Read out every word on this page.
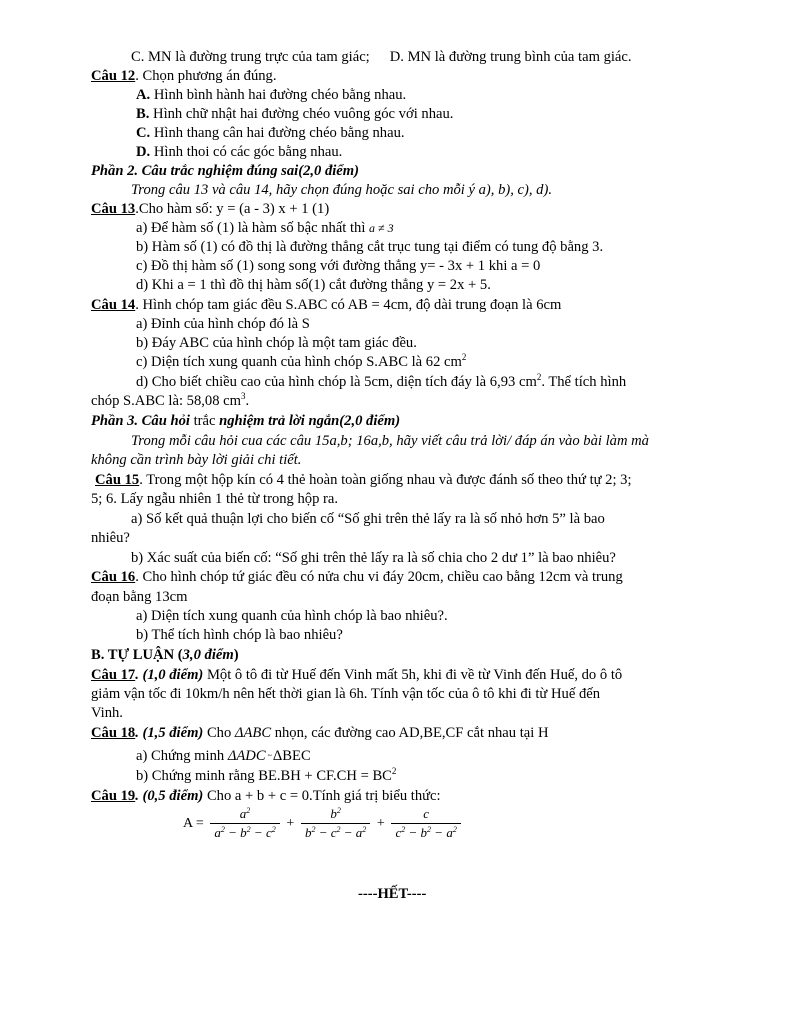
C. MN là đường trung trực của tam giác; D. MN là đường trung bình của tam giác.
Câu 12. Chọn phương án đúng.
A. Hình bình hành hai đường chéo bằng nhau.
B. Hình chữ nhật hai đường chéo vuông góc với nhau.
C. Hình thang cân hai đường chéo bằng nhau.
D. Hình thoi có các góc bằng nhau.
Phần 2. Câu trắc nghiệm đúng sai(2,0 điểm)
Trong câu 13 và câu 14, hãy chọn đúng hoặc sai cho mỗi ý a), b), c), d).
Câu 13.Cho hàm số: y = (a - 3) x + 1 (1)
a) Để hàm số (1) là hàm số bậc nhất thì a ≠ 3
b) Hàm số (1) có đồ thị là đường thẳng cắt trục tung tại điểm có tung độ bằng 3.
c) Đồ thị hàm số (1) song song với đường thẳng y= - 3x + 1 khi a = 0
d) Khi a = 1 thì đồ thị hàm số(1) cắt đường thẳng y = 2x + 5.
Câu 14. Hình chóp tam giác đều S.ABC có AB = 4cm, độ dài trung đoạn là 6cm
a) Đỉnh của hình chóp đó là S
b) Đáy ABC của hình chóp là một tam giác đều.
c) Diện tích xung quanh của hình chóp S.ABC là 62 $cm^2$
d) Cho biết chiều cao của hình chóp là 5cm, diện tích đáy là 6,93 $cm^2$. Thể tích hình
chóp S.ABC là: 58,08 $cm^3$.
Phần 3. Câu hỏi trắc nghiệm trả lời ngắn(2,0 điểm)
Trong mỗi câu hỏi cua các câu 15a,b; 16a,b, hãy viết câu trả lời/ đáp án vào bài làm mà
không cần trình bày lời giải chi tiết.
Câu 15. Trong một hộp kín có 4 thẻ hoàn toàn giống nhau và được đánh số theo thứ tự 2; 3;
5; 6. Lấy ngẫu nhiên 1 thẻ từ trong hộp ra.
a) Số kết quả thuận lợi cho biến cố “Số ghi trên thẻ lấy ra là số nhỏ hơn 5” là bao
nhiêu?
b) Xác suất của biến cố: “Số ghi trên thẻ lấy ra là số chia cho 2 dư 1” là bao nhiêu?
Câu 16. Cho hình chóp tứ giác đều có nửa chu vi đáy 20cm, chiều cao bằng 12cm và trung
đoạn bằng 13cm
a) Diện tích xung quanh của hình chóp là bao nhiêu?.
b) Thể tích hình chóp là bao nhiêu?
B. TỰ LUẬN (3,0 điểm)
Câu 17. (1,0 điểm) Một ô tô đi từ Huế đến Vinh mất 5h, khi đi về từ Vinh đến Huế, do ô tô
giảm vận tốc đi 10km/h nên hết thời gian là 6h. Tính vận tốc của ô tô khi đi từ Huế đến
Vinh.
Câu 18. (1,5 điểm) Cho ΔABC nhọn, các đường cao AD,BE,CF cắt nhau tại H
a) Chứng minh ΔADC ~ ΔBEC
b) Chứng minh rằng $BE.BH + CF.CH = BC^2$
Câu 19. (0,5 điểm) Cho a + b + c = 0.Tính giá trị biểu thức:
$A = \frac{a^2}{a^2 - b^2 - c^2} + \frac{b^2}{b^2 - c^2 - a^2} + \frac{c}{c^2 - b^2 - a^2}$
----HẾT----
